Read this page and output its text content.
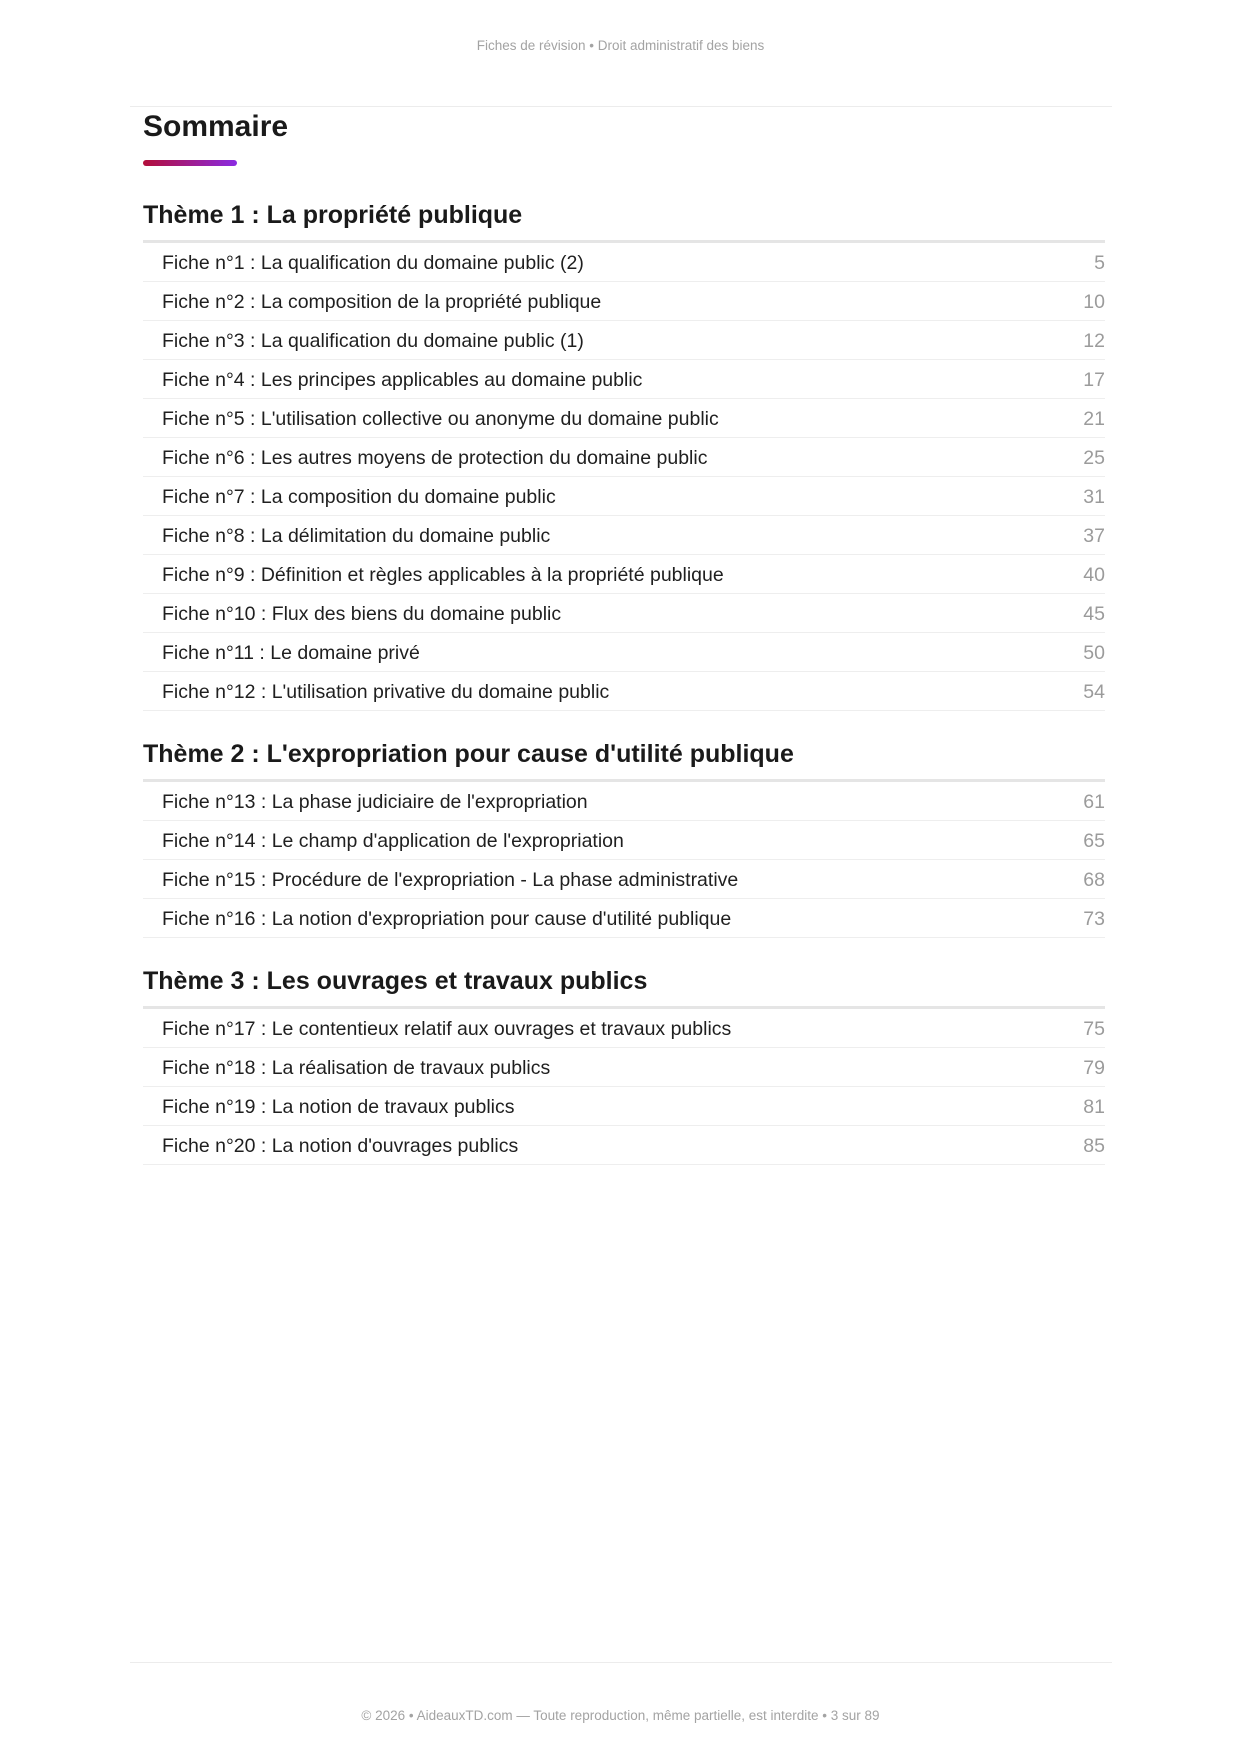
Fiches de révision • Droit administratif des biens
Sommaire
Thème 1 : La propriété publique
Fiche n°1 : La qualification du domaine public (2)	5
Fiche n°2 : La composition de la propriété publique	10
Fiche n°3 : La qualification du domaine public (1)	12
Fiche n°4 : Les principes applicables au domaine public	17
Fiche n°5 : L'utilisation collective ou anonyme du domaine public	21
Fiche n°6 : Les autres moyens de protection du domaine public	25
Fiche n°7 : La composition du domaine public	31
Fiche n°8 : La délimitation du domaine public	37
Fiche n°9 : Définition et règles applicables à la propriété publique	40
Fiche n°10 : Flux des biens du domaine public	45
Fiche n°11 : Le domaine privé	50
Fiche n°12 : L'utilisation privative du domaine public	54
Thème 2 : L'expropriation pour cause d'utilité publique
Fiche n°13 : La phase judiciaire de l'expropriation	61
Fiche n°14 : Le champ d'application de l'expropriation	65
Fiche n°15 : Procédure de l'expropriation - La phase administrative	68
Fiche n°16 : La notion d'expropriation pour cause d'utilité publique	73
Thème 3 : Les ouvrages et travaux publics
Fiche n°17 : Le contentieux relatif aux ouvrages et travaux publics	75
Fiche n°18 : La réalisation de travaux publics	79
Fiche n°19 : La notion de travaux publics	81
Fiche n°20 : La notion d'ouvrages publics	85
© 2026 • AideauxTD.com — Toute reproduction, même partielle, est interdite • 3 sur 89
